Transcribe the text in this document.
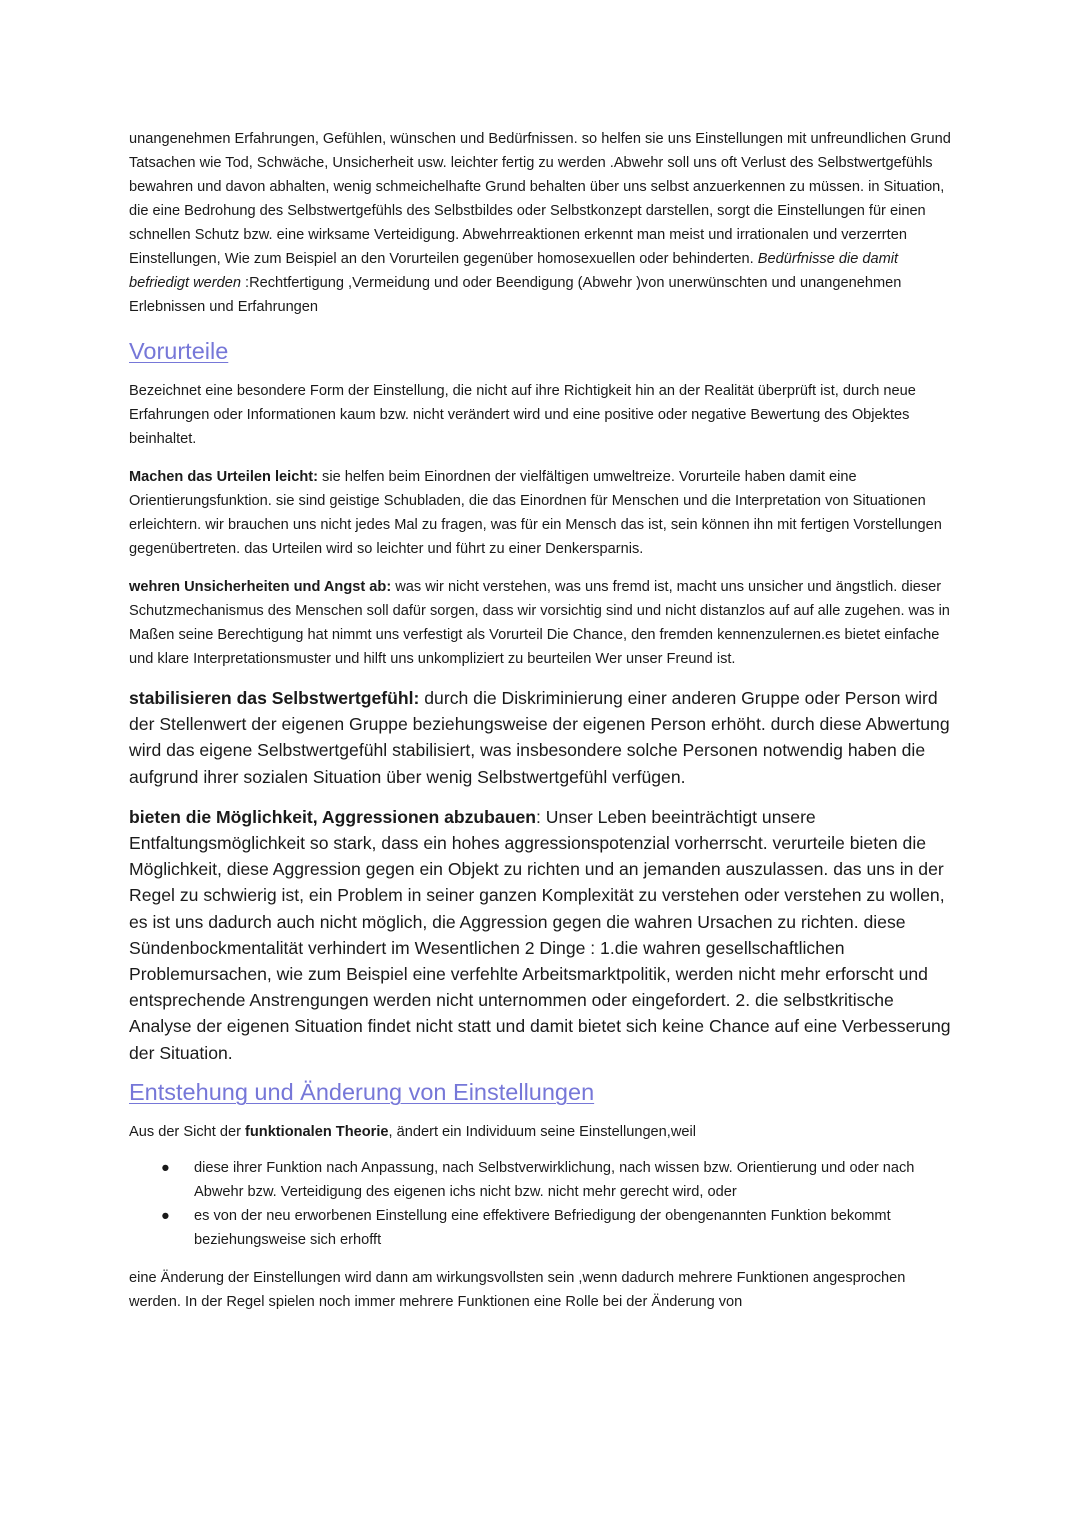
unangenehmen Erfahrungen, Gefühlen, wünschen und Bedürfnissen. so helfen sie uns Einstellungen mit unfreundlichen Grund Tatsachen wie Tod, Schwäche, Unsicherheit usw. leichter fertig zu werden .Abwehr soll uns oft Verlust des Selbstwertgefühls bewahren und davon abhalten, wenig schmeichelhafte Grund behalten über uns selbst anzuerkennen zu müssen. in Situation, die eine Bedrohung des Selbstwertgefühls des Selbstbildes oder Selbstkonzept darstellen, sorgt die Einstellungen für einen schnellen Schutz bzw. eine wirksame Verteidigung. Abwehrreaktionen erkennt man meist und irrationalen und verzerrten Einstellungen, Wie zum Beispiel an den Vorurteilen gegenüber homosexuellen oder behinderten. Bedürfnisse die damit befriedigt werden :Rechtfertigung ,Vermeidung und oder Beendigung (Abwehr )von unerwünschten und unangenehmen Erlebnissen und Erfahrungen

Vorurteile

Bezeichnet eine besondere Form der Einstellung, die nicht auf ihre Richtigkeit hin an der Realität überprüft ist, durch neue Erfahrungen oder Informationen kaum bzw. nicht verändert wird und eine positive oder negative Bewertung des Objektes beinhaltet.

Machen das Urteilen leicht: sie helfen beim Einordnen der vielfältigen umweltreize. Vorurteile haben damit eine Orientierungsfunktion. sie sind geistige Schubladen, die das Einordnen für Menschen und die Interpretation von Situationen erleichtern. wir brauchen uns nicht jedes Mal zu fragen, was für ein Mensch das ist, sein können ihn mit fertigen Vorstellungen gegenübertreten. das Urteilen wird so leichter und führt zu einer Denkersparnis.

wehren Unsicherheiten und Angst ab: was wir nicht verstehen, was uns fremd ist, macht uns unsicher und ängstlich. dieser Schutzmechanismus des Menschen soll dafür sorgen, dass wir vorsichtig sind und nicht distanzlos auf auf alle zugehen. was in Maßen seine Berechtigung hat nimmt uns verfestigt als Vorurteil Die Chance, den fremden kennenzulernen.es bietet einfache und klare Interpretationsmuster und hilft uns unkompliziert zu beurteilen Wer unser Freund ist.

stabilisieren das Selbstwertgefühl: durch die Diskriminierung einer anderen Gruppe oder Person wird der Stellenwert der eigenen Gruppe beziehungsweise der eigenen Person erhöht. durch diese Abwertung wird das eigene Selbstwertgefühl stabilisiert, was insbesondere solche Personen notwendig haben die aufgrund ihrer sozialen Situation über wenig Selbstwertgefühl verfügen.

bieten die Möglichkeit, Aggressionen abzubauen: Unser Leben beeinträchtigt unsere Entfaltungsmöglichkeit so stark, dass ein hohes aggressionspotenzial vorherrscht. verurteile bieten die Möglichkeit, diese Aggression gegen ein Objekt zu richten und an jemanden auszulassen. das uns in der Regel zu schwierig ist, ein Problem in seiner ganzen Komplexität zu verstehen oder verstehen zu wollen, es ist uns dadurch auch nicht möglich, die Aggression gegen die wahren Ursachen zu richten. diese Sündenbockmentalität verhindert im Wesentlichen 2 Dinge : 1.die wahren gesellschaftlichen Problemursachen, wie zum Beispiel eine verfehlte Arbeitsmarktpolitik, werden nicht mehr erforscht und entsprechende Anstrengungen werden nicht unternommen oder eingefordert. 2. die selbstkritische Analyse der eigenen Situation findet nicht statt und damit bietet sich keine Chance auf eine Verbesserung der Situation.

Entstehung und Änderung von Einstellungen

Aus der Sicht der funktionalen Theorie, ändert ein Individuum seine Einstellungen,weil

● diese ihrer Funktion nach Anpassung, nach Selbstverwirklichung, nach wissen bzw. Orientierung und oder nach Abwehr bzw. Verteidigung des eigenen ichs nicht bzw. nicht mehr gerecht wird, oder
● es von der neu erworbenen Einstellung eine effektivere Befriedigung der obengenannten Funktion bekommt beziehungsweise sich erhofft

eine Änderung der Einstellungen wird dann am wirkungsvollsten sein ,wenn dadurch mehrere Funktionen angesprochen werden. In der Regel spielen noch immer mehrere Funktionen eine Rolle bei der Änderung von
